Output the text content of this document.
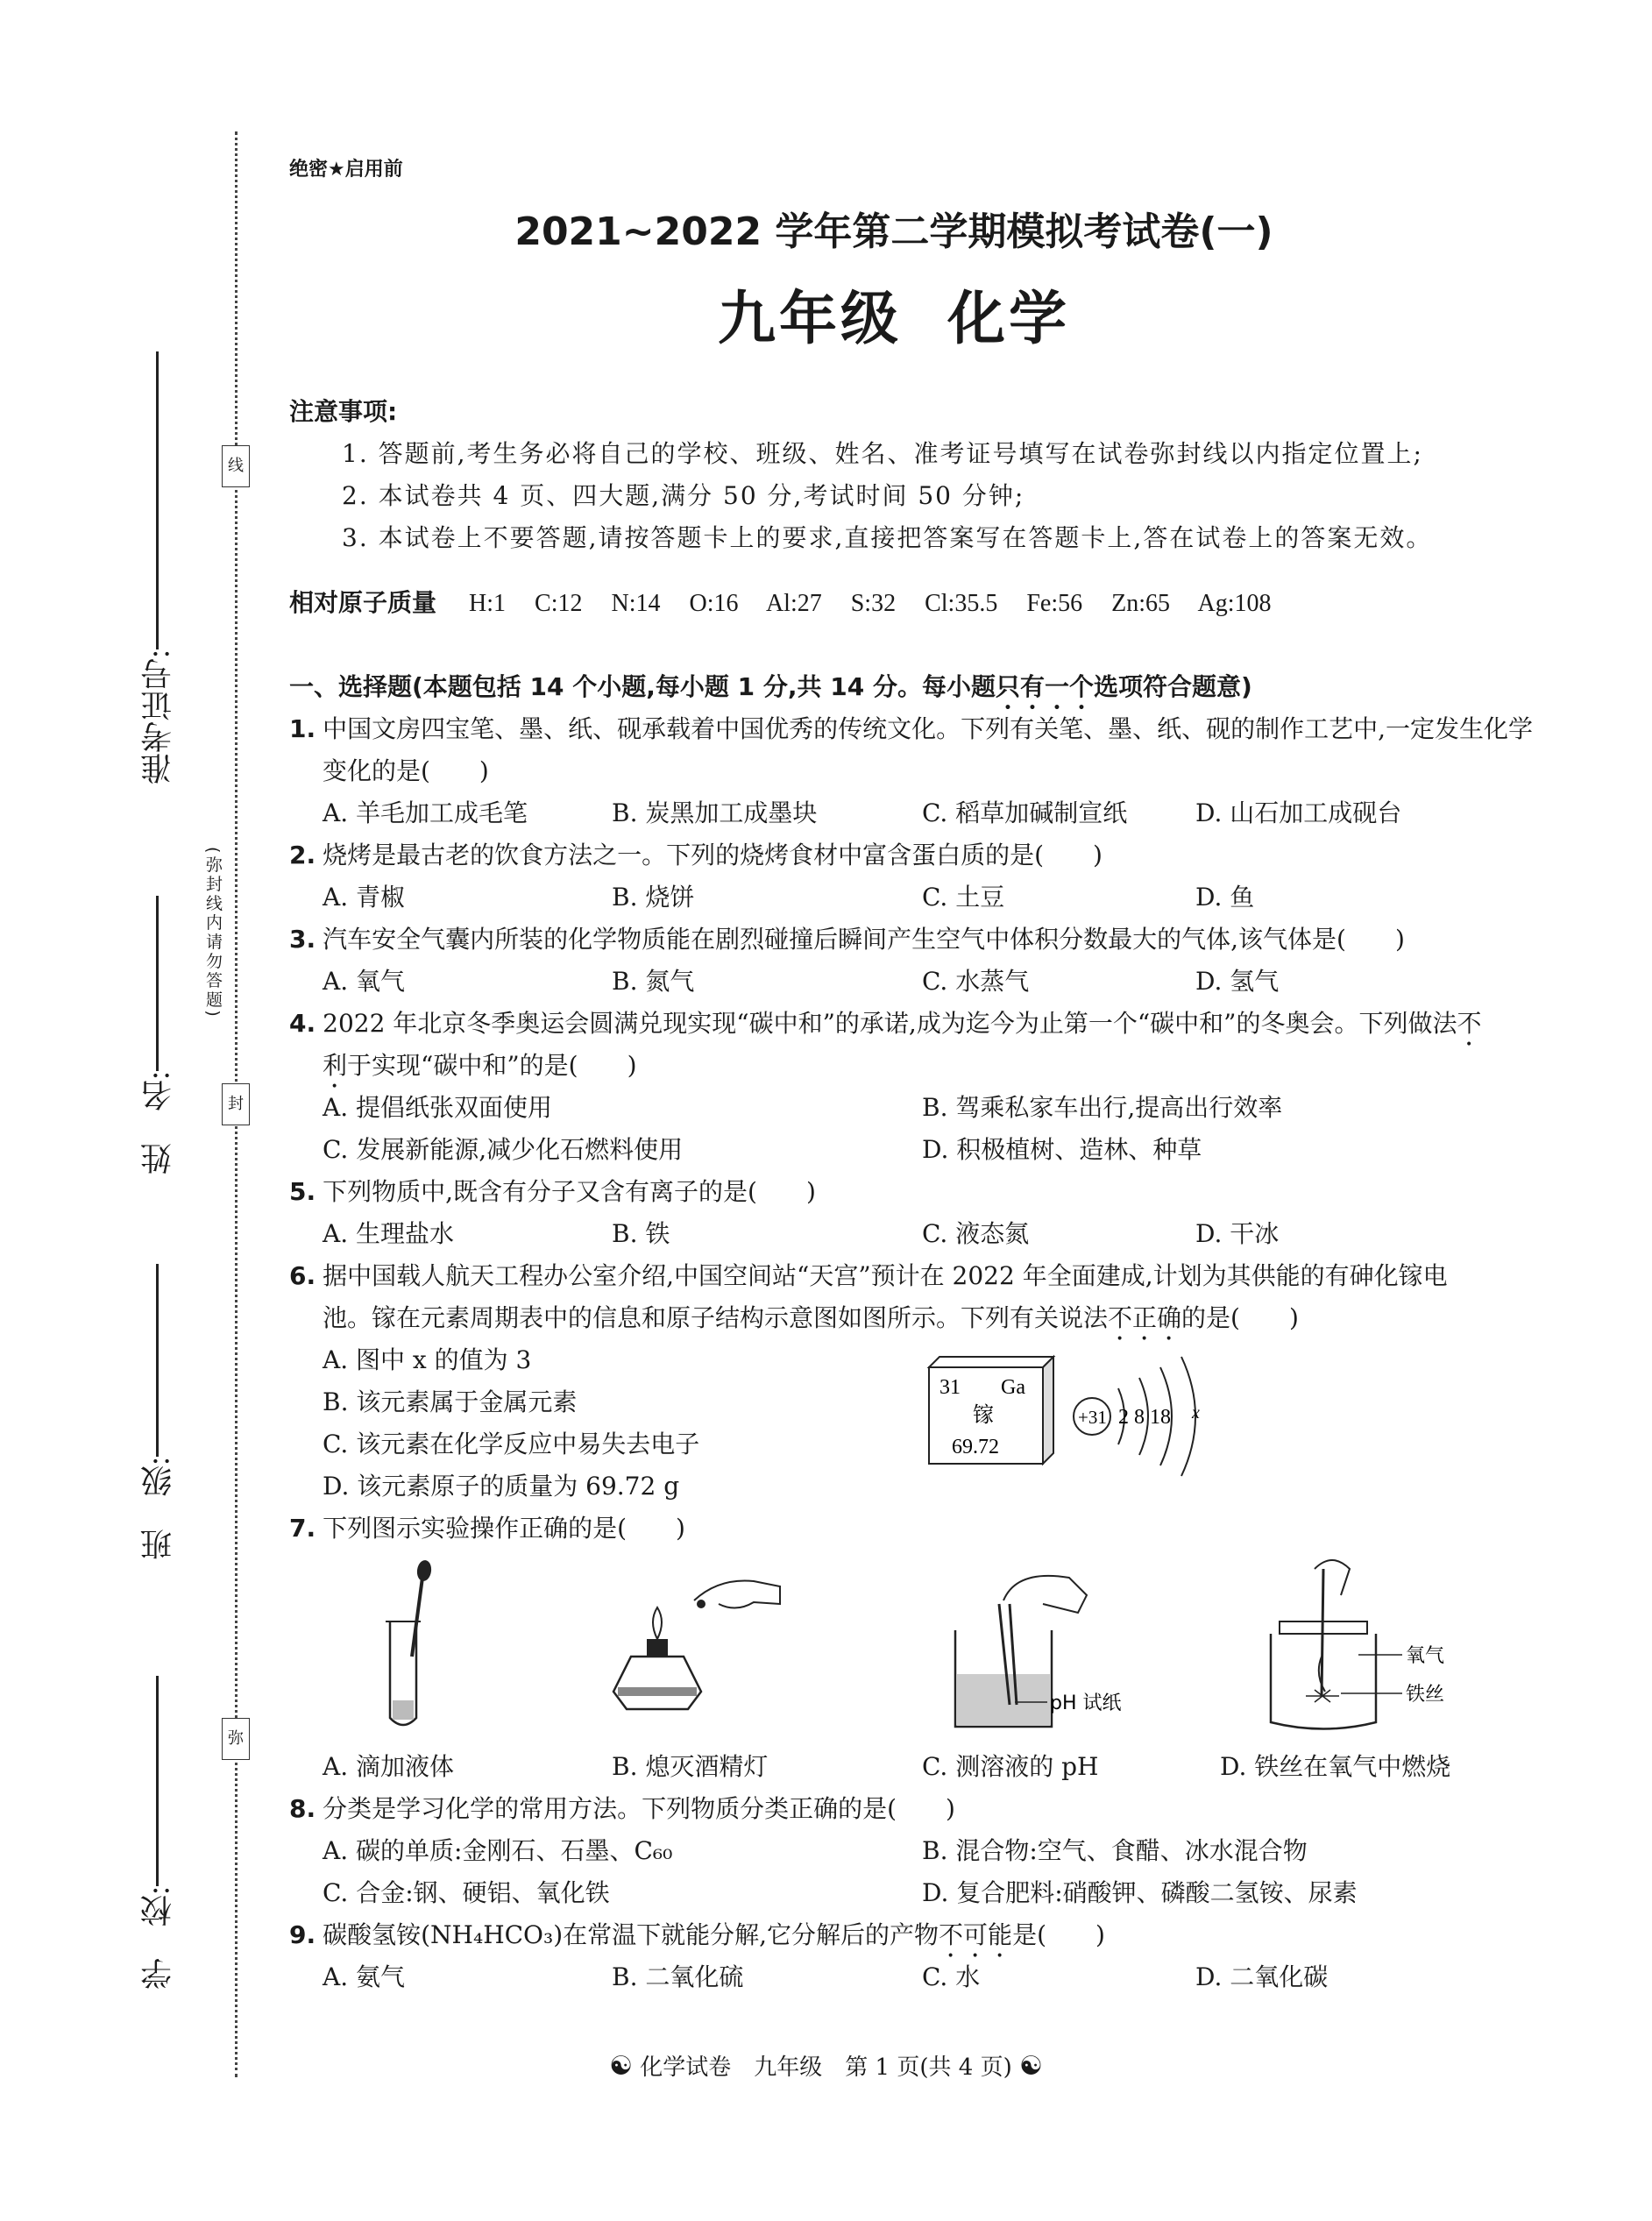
线
封
弥
准考证号:
姓　名:
班　级:
学　校:
(弥封线内请勿答题)
绝密★启用前
2021~2022 学年第二学期模拟考试卷(一)
九年级 化学
注意事项:
1. 答题前,考生务必将自己的学校、班级、姓名、准考证号填写在试卷弥封线以内指定位置上;
2. 本试卷共 4 页、四大题,满分 50 分,考试时间 50 分钟;
3. 本试卷上不要答题,请按答题卡上的要求,直接把答案写在答题卡上,答在试卷上的答案无效。
相对原子质量 H:1 C:12 N:14 O:16 Al:27 S:32 Cl:35.5 Fe:56 Zn:65 Ag:108
一、选择题(本题包括 14 个小题,每小题 1 分,共 14 分。每小题只有一个选项符合题意)
1. 中国文房四宝笔、墨、纸、砚承载着中国优秀的传统文化。下列有关笔、墨、纸、砚的制作工艺中,一定发生化学
变化的是(　　)
A. 羊毛加工成毛笔	B. 炭黑加工成墨块	C. 稻草加碱制宣纸	D. 山石加工成砚台
2. 烧烤是最古老的饮食方法之一。下列的烧烤食材中富含蛋白质的是(　　)
A. 青椒	B. 烧饼	C. 土豆	D. 鱼
3. 汽车安全气囊内所装的化学物质能在剧烈碰撞后瞬间产生空气中体积分数最大的气体,该气体是(　　)
A. 氧气	B. 氮气	C. 水蒸气	D. 氢气
4. 2022 年北京冬季奥运会圆满兑现实现“碳中和”的承诺,成为迄今为止第一个“碳中和”的冬奥会。下列做法不
利于实现“碳中和”的是(　　)
A. 提倡纸张双面使用	B. 驾乘私家车出行,提高出行效率
C. 发展新能源,减少化石燃料使用	D. 积极植树、造林、种草
5. 下列物质中,既含有分子又含有离子的是(　　)
A. 生理盐水	B. 铁	C. 液态氮	D. 干冰
6. 据中国载人航天工程办公室介绍,中国空间站“天宫”预计在 2022 年全面建成,计划为其供能的有砷化镓电
池。镓在元素周期表中的信息和原子结构示意图如图所示。下列有关说法不正确的是(　　)
A. 图中 x 的值为 3
B. 该元素属于金属元素
C. 该元素在化学反应中易失去电子
D. 该元素原子的质量为 69.72 g
31 Ga
镓
69.72
+31 2 8 18 x
7. 下列图示实验操作正确的是(　　)
pH 试纸
氧气
铁丝
A. 滴加液体	B. 熄灭酒精灯	C. 测溶液的 pH	D. 铁丝在氧气中燃烧
8. 分类是学习化学的常用方法。下列物质分类正确的是(　　)
A. 碳的单质:金刚石、石墨、C₆₀	B. 混合物:空气、食醋、冰水混合物
C. 合金:钢、硬铝、氧化铁	D. 复合肥料:硝酸钾、磷酸二氢铵、尿素
9. 碳酸氢铵(NH₄HCO₃)在常温下就能分解,它分解后的产物不可能是(　　)
A. 氨气	B. 二氧化硫	C. 水	D. 二氧化碳
☯ 化学试卷　九年级　第 1 页(共 4 页) ☯
